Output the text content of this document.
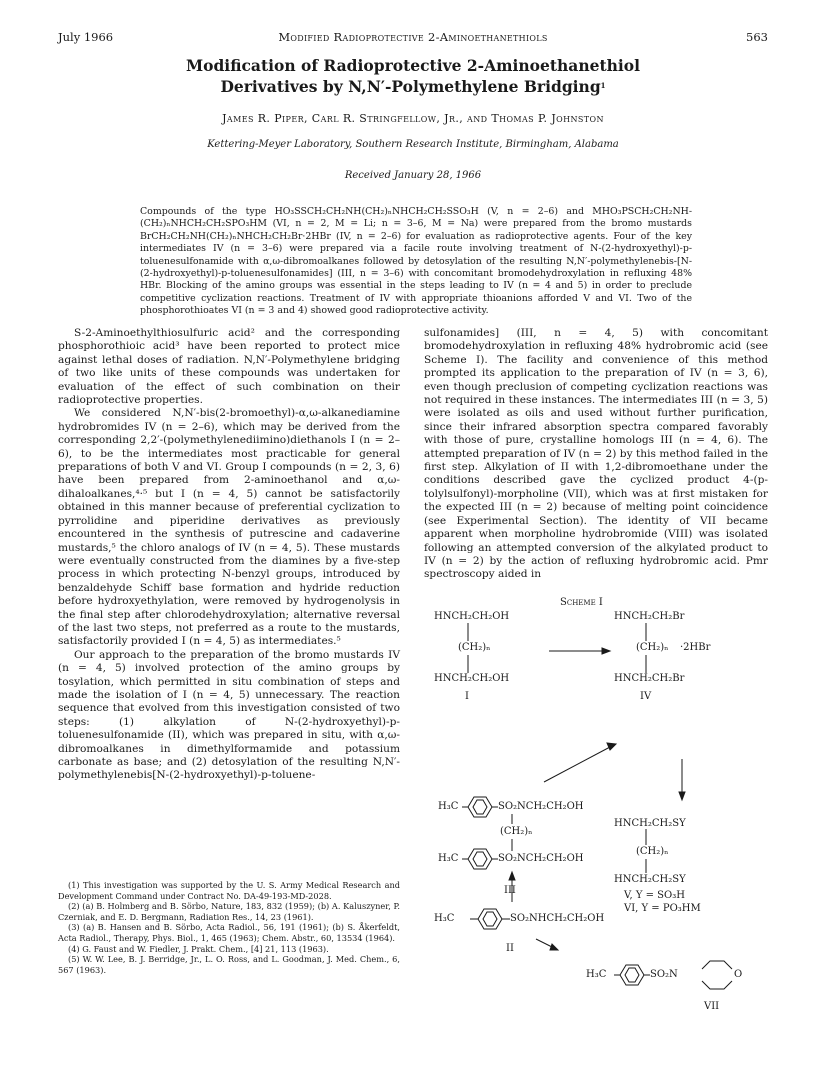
July 1966	Modified Radioprotective 2-Aminoethanethiols	563
Modification of Radioprotective 2-Aminoethanethiol
Derivatives by N,N′-Polymethylene Bridging$^1$
James R. Piper, Carl R. Stringfellow, Jr., and Thomas P. Johnston
Kettering-Meyer Laboratory, Southern Research Institute, Birmingham, Alabama
Received January 28, 1966
Compounds of the type HO₃SSCH₂CH₂NH(CH₂)ₙNHCH₂CH₂SSO₃H (V, n = 2–6) and MHO₃PSCH₂CH₂NH-(CH₂)ₙNHCH₂CH₂SPO₃HM (VI, n = 2, M = Li; n = 3–6, M = Na) were prepared from the bromo mustards BrCH₂CH₂NH(CH₂)ₙNHCH₂CH₂Br·2HBr (IV, n = 2–6) for evaluation as radioprotective agents. Four of the key intermediates IV (n = 3–6) were prepared via a facile route involving treatment of N-(2-hydroxyethyl)-p-toluenesulfonamide with α,ω-dibromoalkanes followed by detosylation of the resulting N,N′-polymethylenebis-[N-(2-hydroxyethyl)-p-toluenesulfonamides] (III, n = 3–6) with concomitant bromodehydroxylation in refluxing 48% HBr. Blocking of the amino groups was essential in the steps leading to IV (n = 4 and 5) in order to preclude competitive cyclization reactions. Treatment of IV with appropriate thioanions afforded V and VI. Two of the phosphorothioates VI (n = 3 and 4) showed good radioprotective activity.

S-2-Aminoethylthiosulfuric acid² and the corresponding phosphorothioic acid³ have been reported to protect mice against lethal doses of radiation. N,N′-Polymethylene bridging of two like units of these compounds was undertaken for evaluation of the effect of such combination on their radioprotective properties.

We considered N,N′-bis(2-bromoethyl)-α,ω-alkanediamine hydrobromides IV (n = 2–6), which may be derived from the corresponding 2,2′-(polymethylenediimino)diethanols I (n = 2–6), to be the intermediates most practicable for general preparations of both V and VI. Group I compounds (n = 2, 3, 6) have been prepared from 2-aminoethanol and α,ω-dihaloalkanes,⁴·⁵ but I (n = 4, 5) cannot be satisfactorily obtained in this manner because of preferential cyclization to pyrrolidine and piperidine derivatives as previously encountered in the synthesis of putrescine and cadaverine mustards,⁵ the chloro analogs of IV (n = 4, 5). These mustards were eventually constructed from the diamines by a five-step process in which protecting N-benzyl groups, introduced by benzaldehyde Schiff base formation and hydride reduction before hydroxyethylation, were removed by hydrogenolysis in the final step after chlorodehydroxylation; alternative reversal of the last two steps, not preferred as a route to the mustards, satisfactorily provided I (n = 4, 5) as intermediates.⁵

Our approach to the preparation of the bromo mustards IV (n = 4, 5) involved protection of the amino groups by tosylation, which permitted in situ combination of steps and made the isolation of I (n = 4, 5) unnecessary. The reaction sequence that evolved from this investigation consisted of two steps: (1) alkylation of N-(2-hydroxyethyl)-p-toluenesulfonamide (II), which was prepared in situ, with α,ω-dibromoalkanes in dimethylformamide and potassium carbonate as base; and (2) detosylation of the resulting N,N′-polymethylenebis[N-(2-hydroxyethyl)-p-toluene-

(1) This investigation was supported by the U. S. Army Medical Research and Development Command under Contract No. DA-49-193-MD-2028.

(2) (a) B. Holmberg and B. Sörbo, Nature, 183, 832 (1959); (b) A. Kaluszyner, P. Czerniak, and E. D. Bergmann, Radiation Res., 14, 23 (1961).

(3) (a) B. Hansen and B. Sörbo, Acta Radiol., 56, 191 (1961); (b) S. Åkerfeldt, Acta Radiol., Therapy, Phys. Biol., 1, 465 (1963); Chem. Abstr., 60, 13534 (1964).

(4) G. Faust and W. Fiedler, J. Prakt. Chem., [4] 21, 113 (1963).

(5) W. W. Lee, B. J. Berridge, Jr., L. O. Ross, and L. Goodman, J. Med. Chem., 6, 567 (1963).

sulfonamides] (III, n = 4, 5) with concomitant bromodehydroxylation in refluxing 48% hydrobromic acid (see Scheme I). The facility and convenience of this method prompted its application to the preparation of IV (n = 3, 6), even though preclusion of competing cyclization reactions was not required in these instances. The intermediates III (n = 3, 5) were isolated as oils and used without further purification, since their infrared absorption spectra compared favorably with those of pure, crystalline homologs III (n = 4, 6). The attempted preparation of IV (n = 2) by this method failed in the first step. Alkylation of II with 1,2-dibromoethane under the conditions described gave the cyclized product 4-(p-tolylsulfonyl)-morpholine (VII), which was at first mistaken for the expected III (n = 2) because of melting point coincidence (see Experimental Section). The identity of VII became apparent when morpholine hydrobromide (VIII) was isolated following an attempted conversion of the alkylated product to IV (n = 2) by the action of refluxing hydrobromic acid. Pmr spectroscopy aided in

Scheme I
HNCH₂CH₂OH
(CH₂)ₙ
HNCH₂CH₂OH
I
HNCH₂CH₂Br
(CH₂)ₙ ·2HBr
HNCH₂CH₂Br
IV
H₃C	SO₂NCH₂CH₂OH
(CH₂)ₙ
H₃C	SO₂NCH₂CH₂OH
III
HNCH₂CH₂SY
(CH₂)ₙ
HNCH₂CH₂SY
V, Y = SO₃H
VI, Y = PO₃HM
H₃C	SO₂NHCH₂CH₂OH
II
H₃C	SO₂N	O
VII
